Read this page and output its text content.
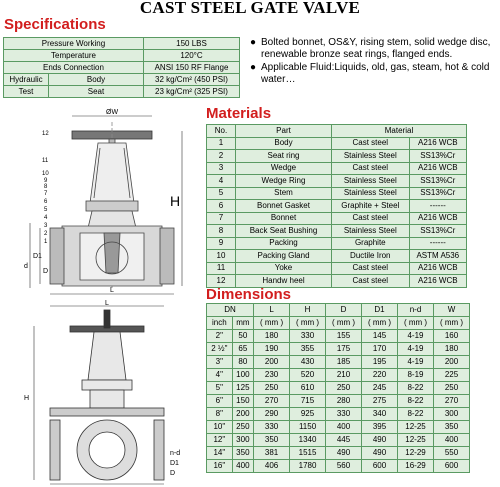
CAST STEEL GATE VALVE
Specifications
Pressure Working		150 LBS
Temperature		120°C
Ends Connection		ANSI 150 RF Flange
Hydraulic	Body	32 kg/Cm² (450 PSI)
Test	Seat	23 kg/Cm² (325 PSI)
● Bolted bonnet, OS&Y, rising stem, solid wedge disc, renewable bronze seat rings, flanged ends.
● Applicable Fluid:Liquids, old, gas, steam, hot & cold water…
ØW
H
L
D1
d
D
12
11
10
9
8
7
6
5
4
3
2
1
L
H
n-d
D1
D
Materials
No.	Part	Material	
1	Body	Cast steel	A216 WCB
2	Seat ring	Stainless Steel	SS13%Cr
3	Wedge	Cast steel	A216 WCB
4	Wedge Ring	Stainless Steel	SS13%Cr
5	Stem	Stainless Steel	SS13%Cr
6	Bonnet Gasket	Graphite + Steel	------
7	Bonnet	Cast steel	A216 WCB
8	Back Seat Bushing	Stainless Steel	SS13%Cr
9	Packing	Graphite	------
10	Packing Gland	Ductile Iron	ASTM A536
11	Yoke	Cast steel	A216 WCB
12	Handw heel	Cast steel	A216 WCB
Dimensions
DN		L	H	D	D1	n-d	W
inch	mm	( mm )	( mm )	( mm )	( mm )	( mm )	( mm )
2"	50	180	330	155	145	4-19	160
2 ½"	65	190	355	175	170	4-19	180
3"	80	200	430	185	195	4-19	200
4"	100	230	520	210	220	8-19	225
5"	125	250	610	250	245	8-22	250
6"	150	270	715	280	275	8-22	270
8"	200	290	925	330	340	8-22	300
10"	250	330	1150	400	395	12-25	350
12"	300	350	1340	445	490	12-25	400
14"	350	381	1515	490	490	12-29	550
16"	400	406	1780	560	600	16-29	600
